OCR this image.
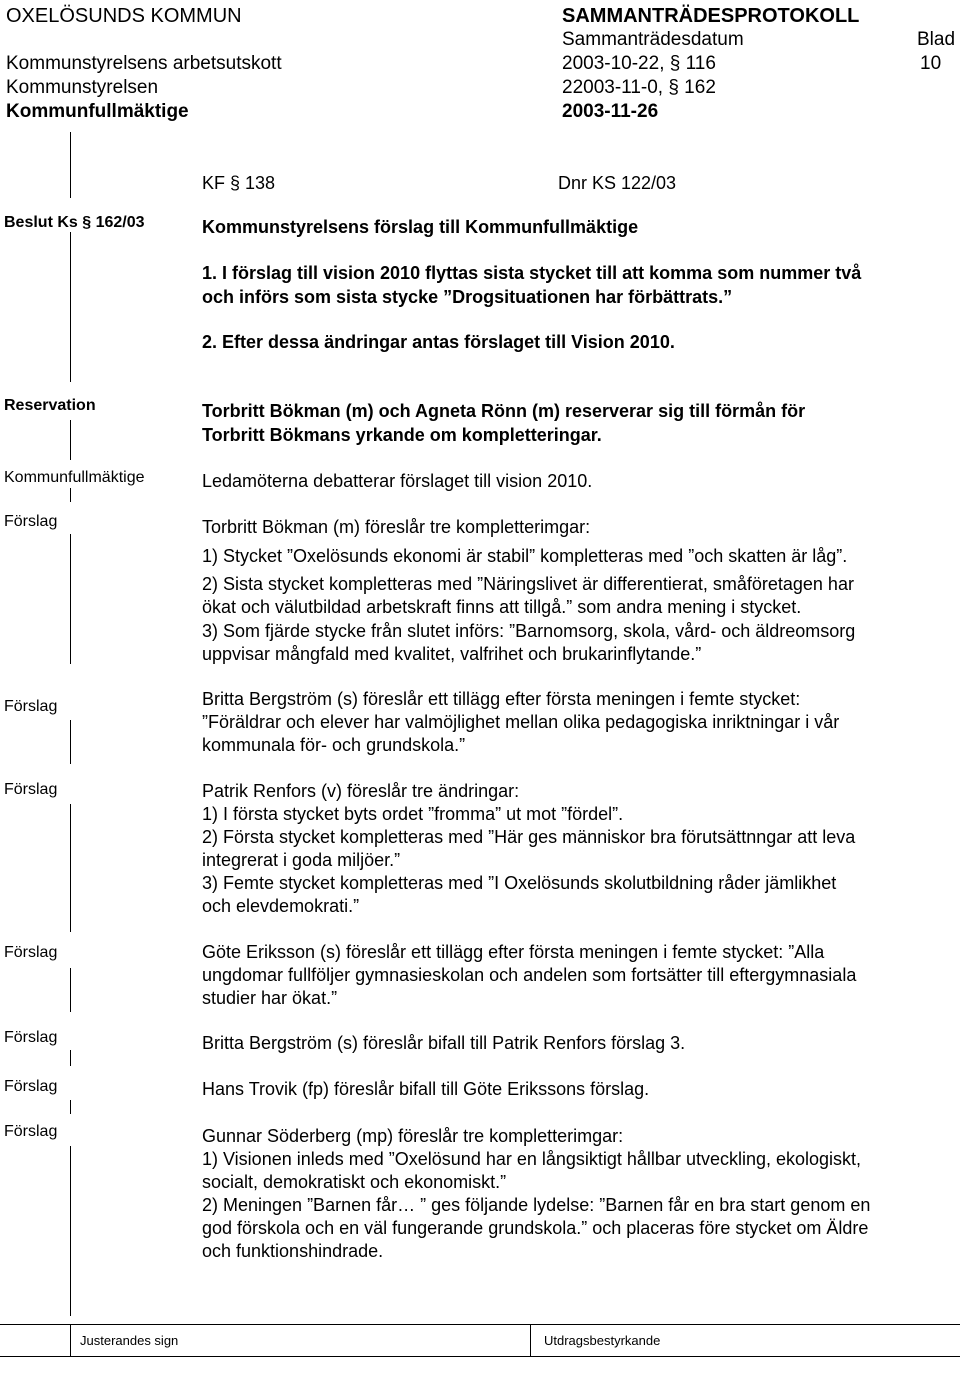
OXELÖSUNDS KOMMUN	SAMMANTRÄDESPROTOKOLL
Sammanträdesdatum	Blad
10
Kommunstyrelsens arbetsutskott	2003-10-22, § 116
Kommunstyrelsen	22003-11-0, § 162
Kommunfullmäktige	2003-11-26
KF § 138	Dnr KS 122/03
Beslut Ks § 162/03	Kommunstyrelsens förslag till Kommunfullmäktige
1. I förslag till vision 2010 flyttas sista stycket till att komma som nummer två
och införs som sista stycke ”Drogsituationen har förbättrats.”
2. Efter dessa ändringar antas förslaget till Vision 2010.
Reservation	Torbritt Bökman (m) och Agneta Rönn (m) reserverar sig till förmån för
Torbritt Bökmans yrkande om kompletteringar.
Kommunfullmäktige	Ledamöterna debatterar förslaget till vision 2010.
Förslag	Torbritt Bökman (m) föreslår tre kompletterimgar:
1) Stycket ”Oxelösunds ekonomi är stabil” kompletteras med ”och skatten är låg”.
2) Sista stycket kompletteras med ”Näringslivet är differentierat, småföretagen har
ökat och välutbildad arbetskraft finns att tillgå.” som andra mening i stycket.
3) Som fjärde stycke från slutet införs: ”Barnomsorg, skola, vård- och äldreomsorg
uppvisar mångfald med kvalitet, valfrihet och brukarinflytande.”
Förslag	Britta Bergström (s) föreslår ett tillägg efter första meningen i femte stycket:
”Föräldrar och elever har valmöjlighet mellan olika pedagogiska inriktningar i vår
kommunala för- och grundskola.”
Förslag	Patrik Renfors (v) föreslår tre ändringar:
1) I första stycket byts ordet ”fromma” ut mot ”fördel”.
2) Första stycket kompletteras med ”Här ges människor bra förutsättnngar att leva
integrerat i goda miljöer.”
3) Femte stycket kompletteras med ”I Oxelösunds skolutbildning råder jämlikhet
och elevdemokrati.”
Förslag	Göte Eriksson (s) föreslår ett tillägg efter första meningen i femte stycket: ”Alla
ungdomar fullföljer gymnasieskolan och andelen som fortsätter till eftergymnasiala
studier har ökat.”
Förslag	Britta Bergström (s) föreslår bifall till Patrik Renfors förslag 3.
Förslag	Hans Trovik (fp) föreslår bifall till Göte Erikssons förslag.
Förslag	Gunnar Söderberg (mp) föreslår tre kompletterimgar:
1) Visionen inleds med ”Oxelösund har en långsiktigt hållbar utveckling, ekologiskt,
socialt, demokratiskt och ekonomiskt.”
2) Meningen ”Barnen får… ” ges följande lydelse: ”Barnen får en bra start genom en
god förskola och en väl fungerande grundskola.” och placeras före stycket om Äldre
och funktionshindrade.
Justerandes sign	Utdragsbestyrkande
